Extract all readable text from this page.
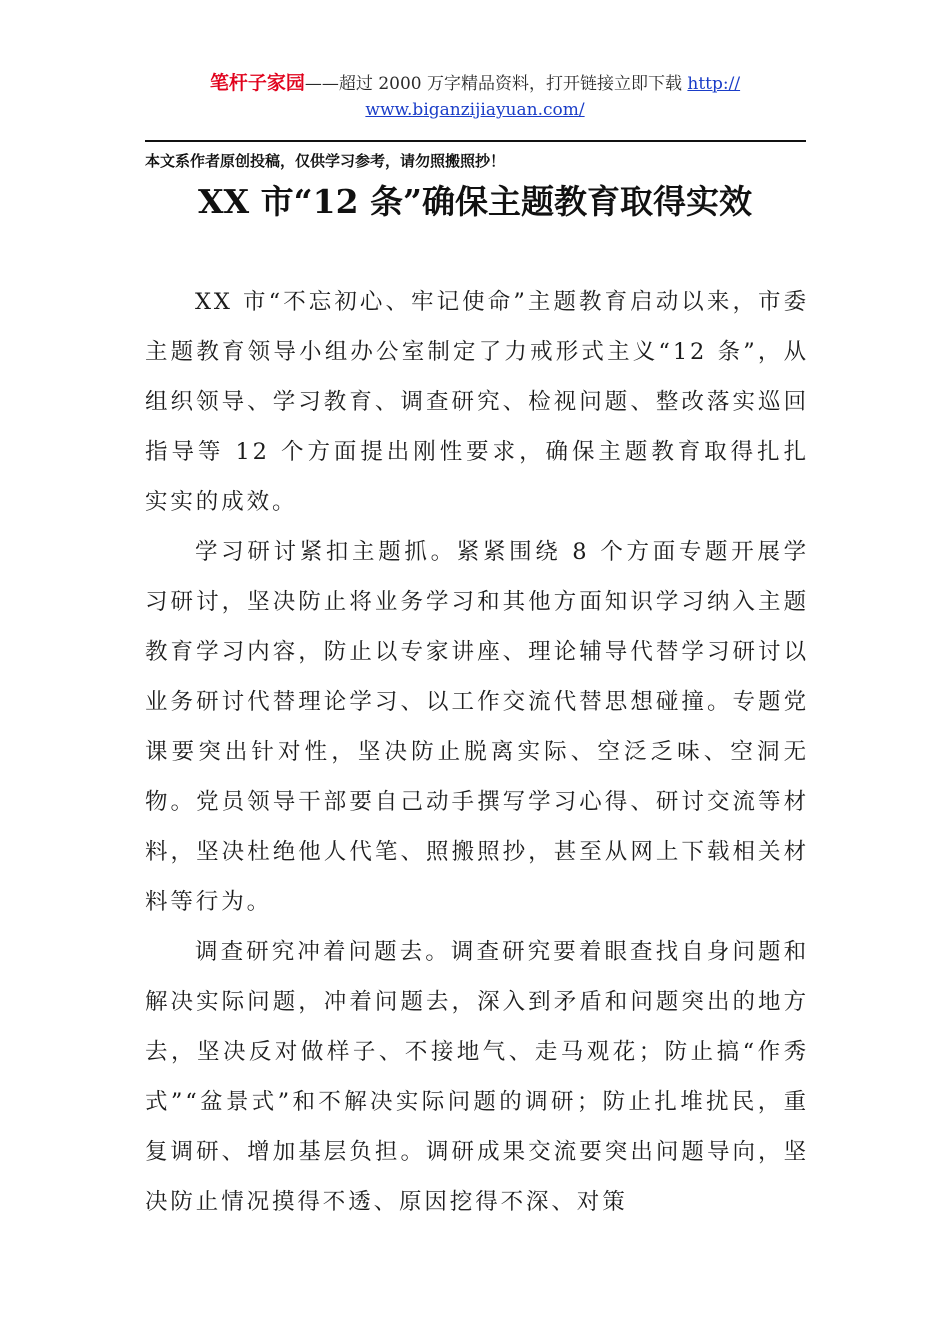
笔杆子家园——超过 2000 万字精品资料，打开链接立即下载 http://
www.biganzijiayuan.com/
本文系作者原创投稿，仅供学习参考，请勿照搬照抄！
XX 市“12 条”确保主题教育取得实效

XX 市“不忘初心、牢记使命”主题教育启动以来，市委主题教育领导小组办公室制定了力戒形式主义“12 条”，从组织领导、学习教育、调查研究、检视问题、整改落实巡回指导等 12 个方面提出刚性要求，确保主题教育取得扎扎实实的成效。

学习研讨紧扣主题抓。紧紧围绕 8 个方面专题开展学习研讨，坚决防止将业务学习和其他方面知识学习纳入主题教育学习内容，防止以专家讲座、理论辅导代替学习研讨以业务研讨代替理论学习、以工作交流代替思想碰撞。专题党课要突出针对性，坚决防止脱离实际、空泛乏味、空洞无物。党员领导干部要自己动手撰写学习心得、研讨交流等材料，坚决杜绝他人代笔、照搬照抄，甚至从网上下载相关材料等行为。

调查研究冲着问题去。调查研究要着眼查找自身问题和解决实际问题，冲着问题去，深入到矛盾和问题突出的地方去，坚决反对做样子、不接地气、走马观花；防止搞“作秀式”“盆景式”和不解决实际问题的调研；防止扎堆扰民，重复调研、增加基层负担。调研成果交流要突出问题导向，坚决防止情况摸得不透、原因挖得不深、对策
